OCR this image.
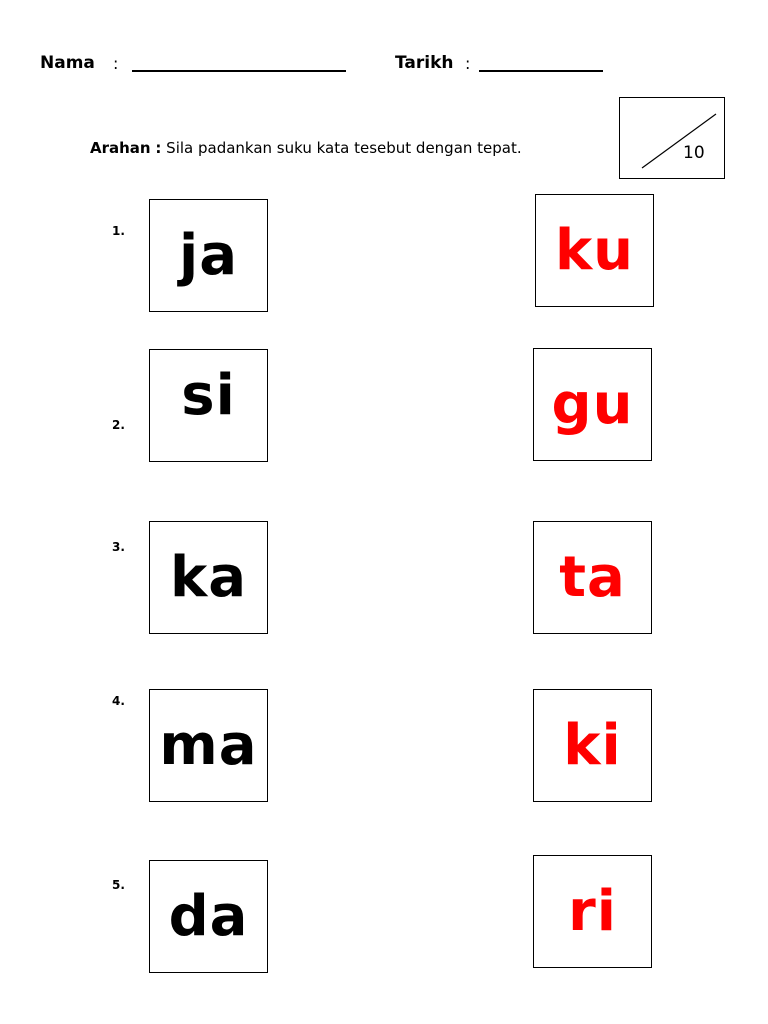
Nama :	Tarikh :
Arahan : Sila padankan suku kata tesebut dengan tepat.	10
1. ja
2. si
3. ka
4.
ma
5. da
ku
gu
ta
ki
ri
